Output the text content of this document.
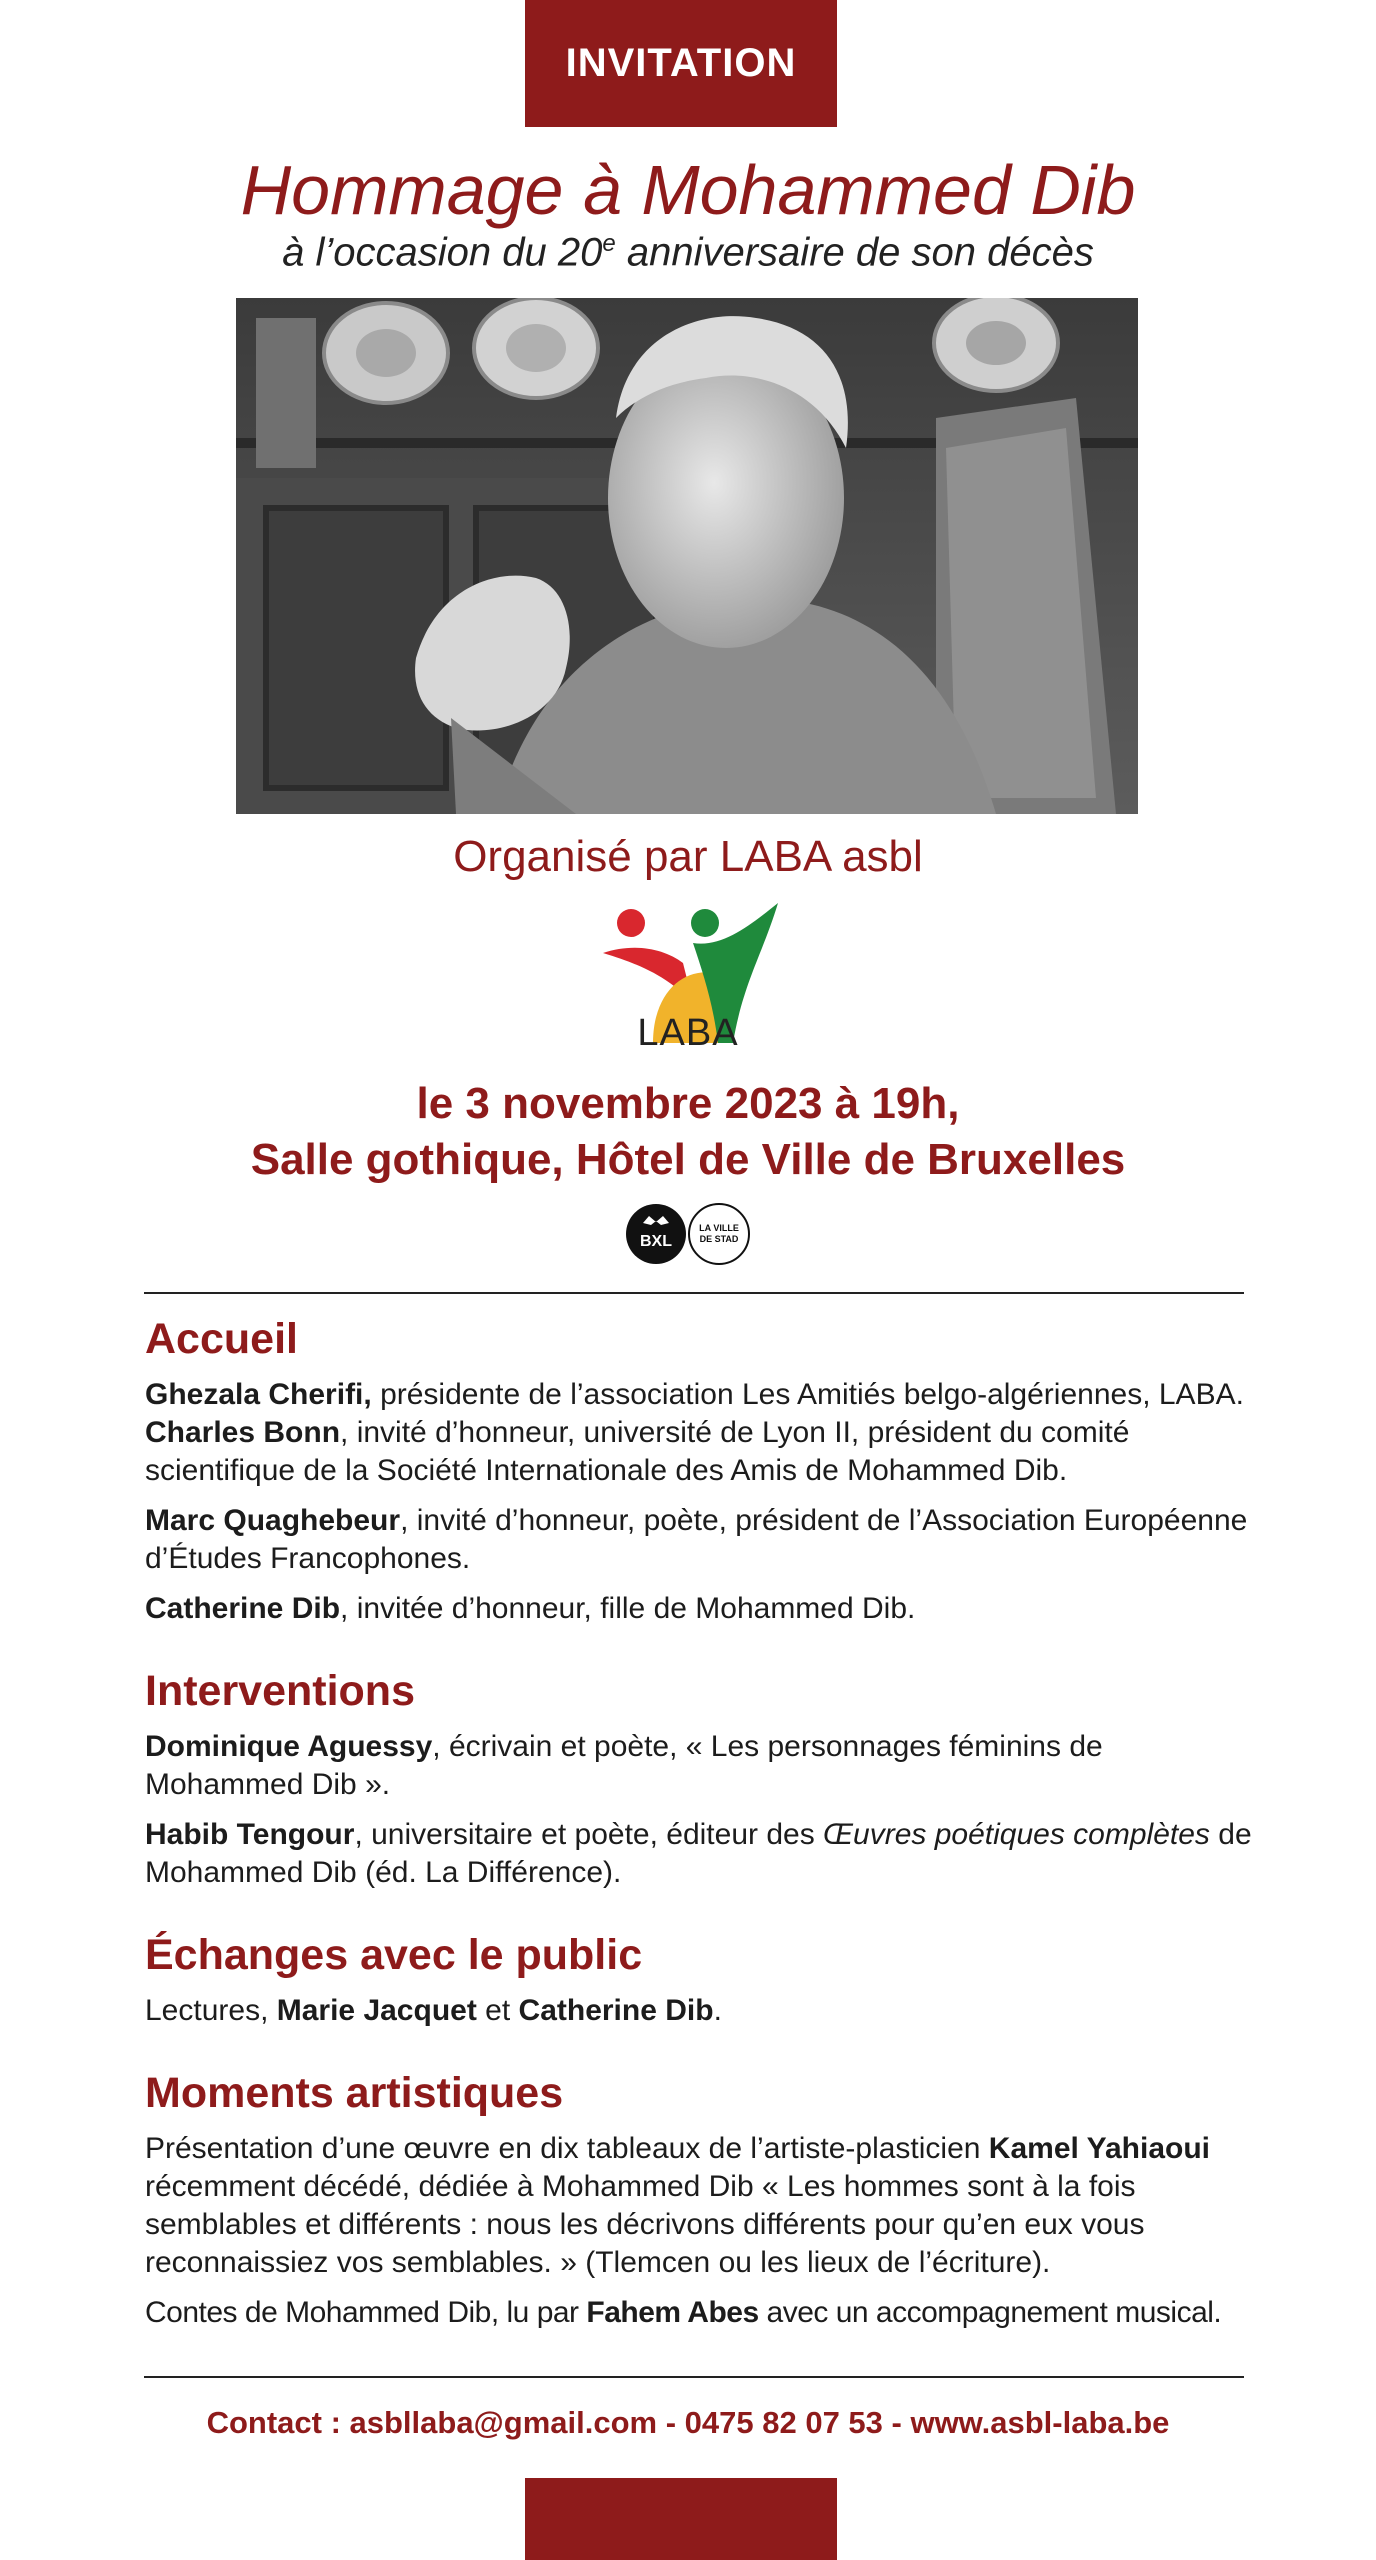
INVITATION
Hommage à Mohammed Dib
à l’occasion du 20e anniversaire de son décès
Organisé par LABA asbl
LABA
le 3 novembre 2023 à 19h,
Salle gothique, Hôtel de Ville de Bruxelles
BXL
LA VILLE
DE STAD
Accueil
Ghezala Cherifi, présidente de l’association Les Amitiés belgo-algériennes, LABA.
Charles Bonn, invité d’honneur, université de Lyon II, président du comité scientifique de la Société Internationale des Amis de Mohammed Dib.
Marc Quaghebeur, invité d’honneur, poète, président de l’Association Européenne d’Études Francophones.
Catherine Dib, invitée d’honneur, fille de Mohammed Dib.
Interventions
Dominique Aguessy, écrivain et poète, « Les personnages féminins de Mohammed Dib ».
Habib Tengour, universitaire et poète, éditeur des Œuvres poétiques complètes de Mohammed Dib (éd. La Différence).
Échanges avec le public
Lectures, Marie Jacquet et Catherine Dib.
Moments artistiques
Présentation d’une œuvre en dix tableaux de l’artiste-plasticien Kamel Yahiaoui récemment décédé, dédiée à Mohammed Dib « Les hommes sont à la fois semblables et différents : nous les décrivons différents pour qu’en eux vous reconnaissiez vos semblables. » (Tlemcen ou les lieux de l’écriture).
Contes de Mohammed Dib, lu par Fahem Abes avec un accompagnement musical.
Contact : asbllaba@gmail.com - 0475 82 07 53 - www.asbl-laba.be
